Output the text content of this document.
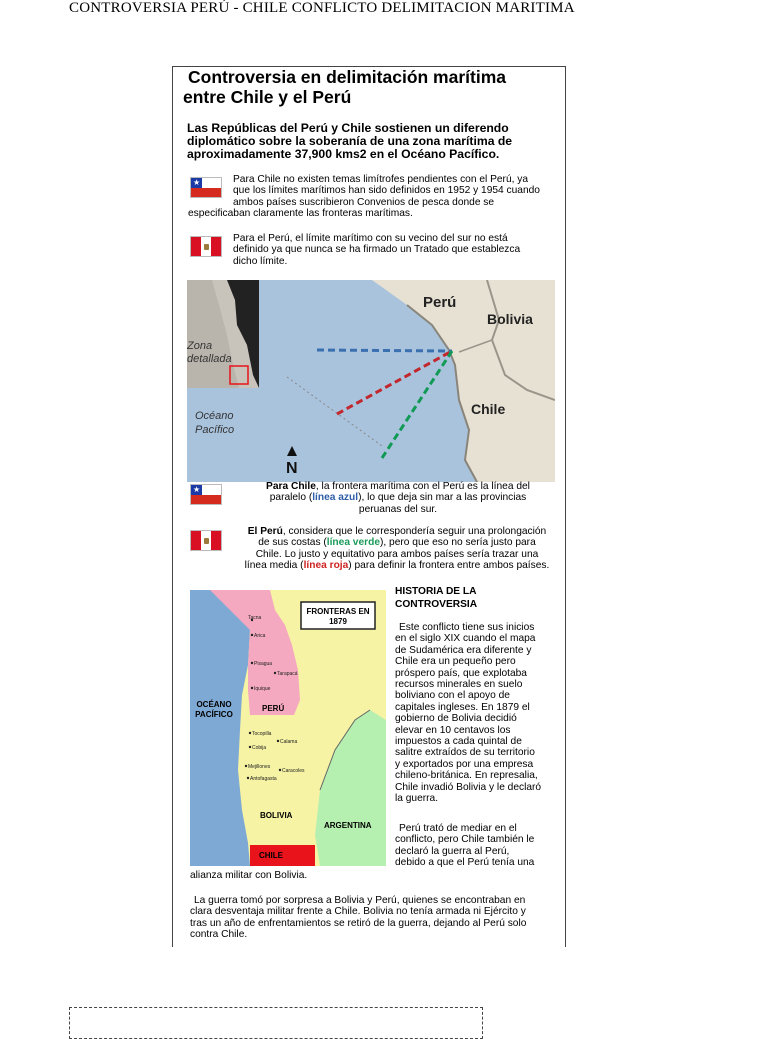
CONTROVERSIA PERÚ - CHILE CONFLICTO DELIMITACION MARITIMA
Controversia en delimitación marítima
entre Chile y el Perú
Las Repúblicas del Perú y Chile sostienen un diferendo
diplomático sobre la soberanía de una zona marítima de
aproximadamente 37,900 kms2 en el Océano Pacífico.
★	Para Chile no existen temas limítrofes pendientes con el Perú, ya
que los límites marítimos han sido definidos en 1952 y 1954 cuando
ambos países suscribieron Convenios de pesca donde se
especificaban claramente las fronteras marítimas.
Para el Perú, el límite marítimo con su vecino del sur no está
definido ya que nunca se ha firmado un Tratado que establezca
dicho límite.
Perú
Bolivia
Chile
Zona
detallada
Océano
Pacífico
N
★	Para Chile, la frontera marítima con el Perú es la línea del
paralelo (línea azul), lo que deja sin mar a las provincias
peruanas del sur.
El Perú, considera que le correspondería seguir una prolongación
de sus costas (línea verde), pero que eso no sería justo para
Chile. Lo justo y equitativo para ambos países sería trazar una
línea media (línea roja) para definir la frontera entre ambos países.
FRONTERAS EN
1879
OCÉANO
PACÍFICO
PERÚ
BOLIVIA
ARGENTINA
CHILE
Tacna
Arica
Pisagua
Tarapacá
Iquique
Tocopilla
Calama
Cobija
Mejillones
Caracoles
Antofagasta
HISTORIA DE LA
CONTROVERSIA
Este conflicto tiene sus inicios
en el siglo XIX cuando el mapa
de Sudamérica era diferente y
Chile era un pequeño pero
próspero país, que explotaba
recursos minerales en suelo
boliviano con el apoyo de
capitales ingleses. En 1879 el
gobierno de Bolivia decidió
elevar en 10 centavos los
impuestos a cada quintal de
salitre extraídos de su territorio
y exportados por una empresa
chileno-británica. En represalia,
Chile invadió Bolivia y le declaró
la guerra.
Perú trató de mediar en el
conflicto, pero Chile también le
declaró la guerra al Perú,
debido a que el Perú tenía una
alianza militar con Bolivia.
La guerra tomó por sorpresa a Bolivia y Perú, quienes se encontraban en
clara desventaja militar frente a Chile. Bolivia no tenía armada ni Ejército y
tras un año de enfrentamientos se retiró de la guerra, dejando al Perú solo
contra Chile.
